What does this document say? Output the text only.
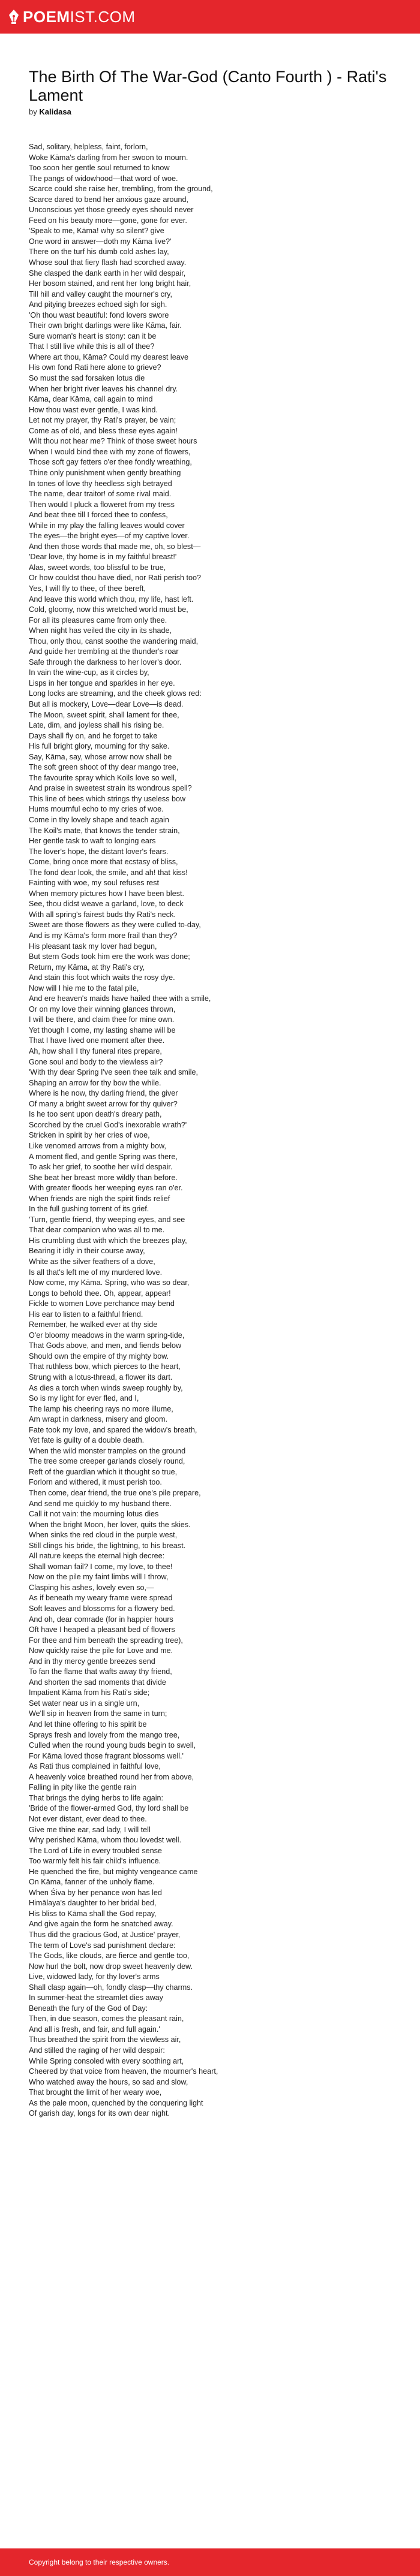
POEMIST.COM
The Birth Of The War-God (Canto Fourth ) - Rati's Lament
by Kalidasa
Sad, solitary, helpless, faint, forlorn,
Woke Kāma's darling from her swoon to mourn.
Too soon her gentle soul returned to know
The pangs of widowhood—that word of woe.
Scarce could she raise her, trembling, from the ground,
Scarce dared to bend her anxious gaze around,
Unconscious yet those greedy eyes should never
Feed on his beauty more—gone, gone for ever.
'Speak to me, Kāma! why so silent? give
One word in answer—doth my Kāma live?'
There on the turf his dumb cold ashes lay,
Whose soul that fiery flash had scorched away.
She clasped the dank earth in her wild despair,
Her bosom stained, and rent her long bright hair,
Till hill and valley caught the mourner's cry,
And pitying breezes echoed sigh for sigh.
'Oh thou wast beautiful: fond lovers swore
Their own bright darlings were like Kāma, fair.
Sure woman's heart is stony: can it be
That I still live while this is all of thee?
Where art thou, Kāma? Could my dearest leave
His own fond Rati here alone to grieve?
So must the sad forsaken lotus die
When her bright river leaves his channel dry.
Kāma, dear Kāma, call again to mind
How thou wast ever gentle, I was kind.
Let not my prayer, thy Rati's prayer, be vain;
Come as of old, and bless these eyes again!
Wilt thou not hear me? Think of those sweet hours
When I would bind thee with my zone of flowers,
Those soft gay fetters o'er thee fondly wreathing,
Thine only punishment when gently breathing
In tones of love thy heedless sigh betrayed
The name, dear traitor! of some rival maid.
Then would I pluck a floweret from my tress
And beat thee till I forced thee to confess,
While in my play the falling leaves would cover
The eyes—the bright eyes—of my captive lover.
And then those words that made me, oh, so blest—
'Dear love, thy home is in my faithful breast!'
Alas, sweet words, too blissful to be true,
Or how couldst thou have died, nor Rati perish too?
Yes, I will fly to thee, of thee bereft,
And leave this world which thou, my life, hast left.
Cold, gloomy, now this wretched world must be,
For all its pleasures came from only thee.
When night has veiled the city in its shade,
Thou, only thou, canst soothe the wandering maid,
And guide her trembling at the thunder's roar
Safe through the darkness to her lover's door.
In vain the wine-cup, as it circles by,
Lisps in her tongue and sparkles in her eye.
Long locks are streaming, and the cheek glows red:
But all is mockery, Love—dear Love—is dead.
The Moon, sweet spirit, shall lament for thee,
Late, dim, and joyless shall his rising be.
Days shall fly on, and he forget to take
His full bright glory, mourning for thy sake.
Say, Kāma, say, whose arrow now shall be
The soft green shoot of thy dear mango tree,
The favourite spray which Koils love so well,
And praise in sweetest strain its wondrous spell?
This line of bees which strings thy useless bow
Hums mournful echo to my cries of woe.
Come in thy lovely shape and teach again
The Koil's mate, that knows the tender strain,
Her gentle task to waft to longing ears
The lover's hope, the distant lover's fears.
Come, bring once more that ecstasy of bliss,
The fond dear look, the smile, and ah! that kiss!
Fainting with woe, my soul refuses rest
When memory pictures how I have been blest.
See, thou didst weave a garland, love, to deck
With all spring's fairest buds thy Rati's neck.
Sweet are those flowers as they were culled to-day,
And is my Kāma's form more frail than they?
His pleasant task my lover had begun,
But stern Gods took him ere the work was done;
Return, my Kāma, at thy Rati's cry,
And stain this foot which waits the rosy dye.
Now will I hie me to the fatal pile,
And ere heaven's maids have hailed thee with a smile,
Or on my love their winning glances thrown,
I will be there, and claim thee for mine own.
Yet though I come, my lasting shame will be
That I have lived one moment after thee.
Ah, how shall I thy funeral rites prepare,
Gone soul and body to the viewless air?
'With thy dear Spring I've seen thee talk and smile,
Shaping an arrow for thy bow the while.
Where is he now, thy darling friend, the giver
Of many a bright sweet arrow for thy quiver?
Is he too sent upon death's dreary path,
Scorched by the cruel God's inexorable wrath?'
Stricken in spirit by her cries of woe,
Like venomed arrows from a mighty bow,
A moment fled, and gentle Spring was there,
To ask her grief, to soothe her wild despair.
She beat her breast more wildly than before.
With greater floods her weeping eyes ran o'er.
When friends are nigh the spirit finds relief
In the full gushing torrent of its grief.
'Turn, gentle friend, thy weeping eyes, and see
That dear companion who was all to me.
His crumbling dust with which the breezes play,
Bearing it idly in their course away,
White as the silver feathers of a dove,
Is all that's left me of my murdered love.
Now come, my Kāma. Spring, who was so dear,
Longs to behold thee. Oh, appear, appear!
Fickle to women Love perchance may bend
His ear to listen to a faithful friend.
Remember, he walked ever at thy side
O'er bloomy meadows in the warm spring-tide,
That Gods above, and men, and fiends below
Should own the empire of thy mighty bow.
That ruthless bow, which pierces to the heart,
Strung with a lotus-thread, a flower its dart.
As dies a torch when winds sweep roughly by,
So is my light for ever fled, and I,
The lamp his cheering rays no more illume,
Am wrapt in darkness, misery and gloom.
Fate took my love, and spared the widow's breath,
Yet fate is guilty of a double death.
When the wild monster tramples on the ground
The tree some creeper garlands closely round,
Reft of the guardian which it thought so true,
Forlorn and withered, it must perish too.
Then come, dear friend, the true one's pile prepare,
And send me quickly to my husband there.
Call it not vain: the mourning lotus dies
When the bright Moon, her lover, quits the skies.
When sinks the red cloud in the purple west,
Still clings his bride, the lightning, to his breast.
All nature keeps the eternal high decree:
Shall woman fail? I come, my love, to thee!
Now on the pile my faint limbs will I throw,
Clasping his ashes, lovely even so,—
As if beneath my weary frame were spread
Soft leaves and blossoms for a flowery bed.
And oh, dear comrade (for in happier hours
Oft have I heaped a pleasant bed of flowers
For thee and him beneath the spreading tree),
Now quickly raise the pile for Love and me.
And in thy mercy gentle breezes send
To fan the flame that wafts away thy friend,
And shorten the sad moments that divide
Impatient Kāma from his Rati's side;
Set water near us in a single urn,
We'll sip in heaven from the same in turn;
And let thine offering to his spirit be
Sprays fresh and lovely from the mango tree,
Culled when the round young buds begin to swell,
For Kāma loved those fragrant blossoms well.'
As Rati thus complained in faithful love,
A heavenly voice breathed round her from above,
Falling in pity like the gentle rain
That brings the dying herbs to life again:
'Bride of the flower-armed God, thy lord shall be
Not ever distant, ever dead to thee.
Give me thine ear, sad lady, I will tell
Why perished Kāma, whom thou lovedst well.
The Lord of Life in every troubled sense
Too warmly felt his fair child's influence.
He quenched the fire, but mighty vengeance came
On Kāma, fanner of the unholy flame.
When Śiva by her penance won has led
Himālaya's daughter to her bridal bed,
His bliss to Kāma shall the God repay,
And give again the form he snatched away.
Thus did the gracious God, at Justice' prayer,
The term of Love's sad punishment declare:
The Gods, like clouds, are fierce and gentle too,
Now hurl the bolt, now drop sweet heavenly dew.
Live, widowed lady, for thy lover's arms
Shall clasp again—oh, fondly clasp—thy charms.
In summer-heat the streamlet dies away
Beneath the fury of the God of Day:
Then, in due season, comes the pleasant rain,
And all is fresh, and fair, and full again.'
Thus breathed the spirit from the viewless air,
And stilled the raging of her wild despair:
While Spring consoled with every soothing art,
Cheered by that voice from heaven, the mourner's heart,
Who watched away the hours, so sad and slow,
That brought the limit of her weary woe,
As the pale moon, quenched by the conquering light
Of garish day, longs for its own dear night.
Copyright belong to their respective owners.
